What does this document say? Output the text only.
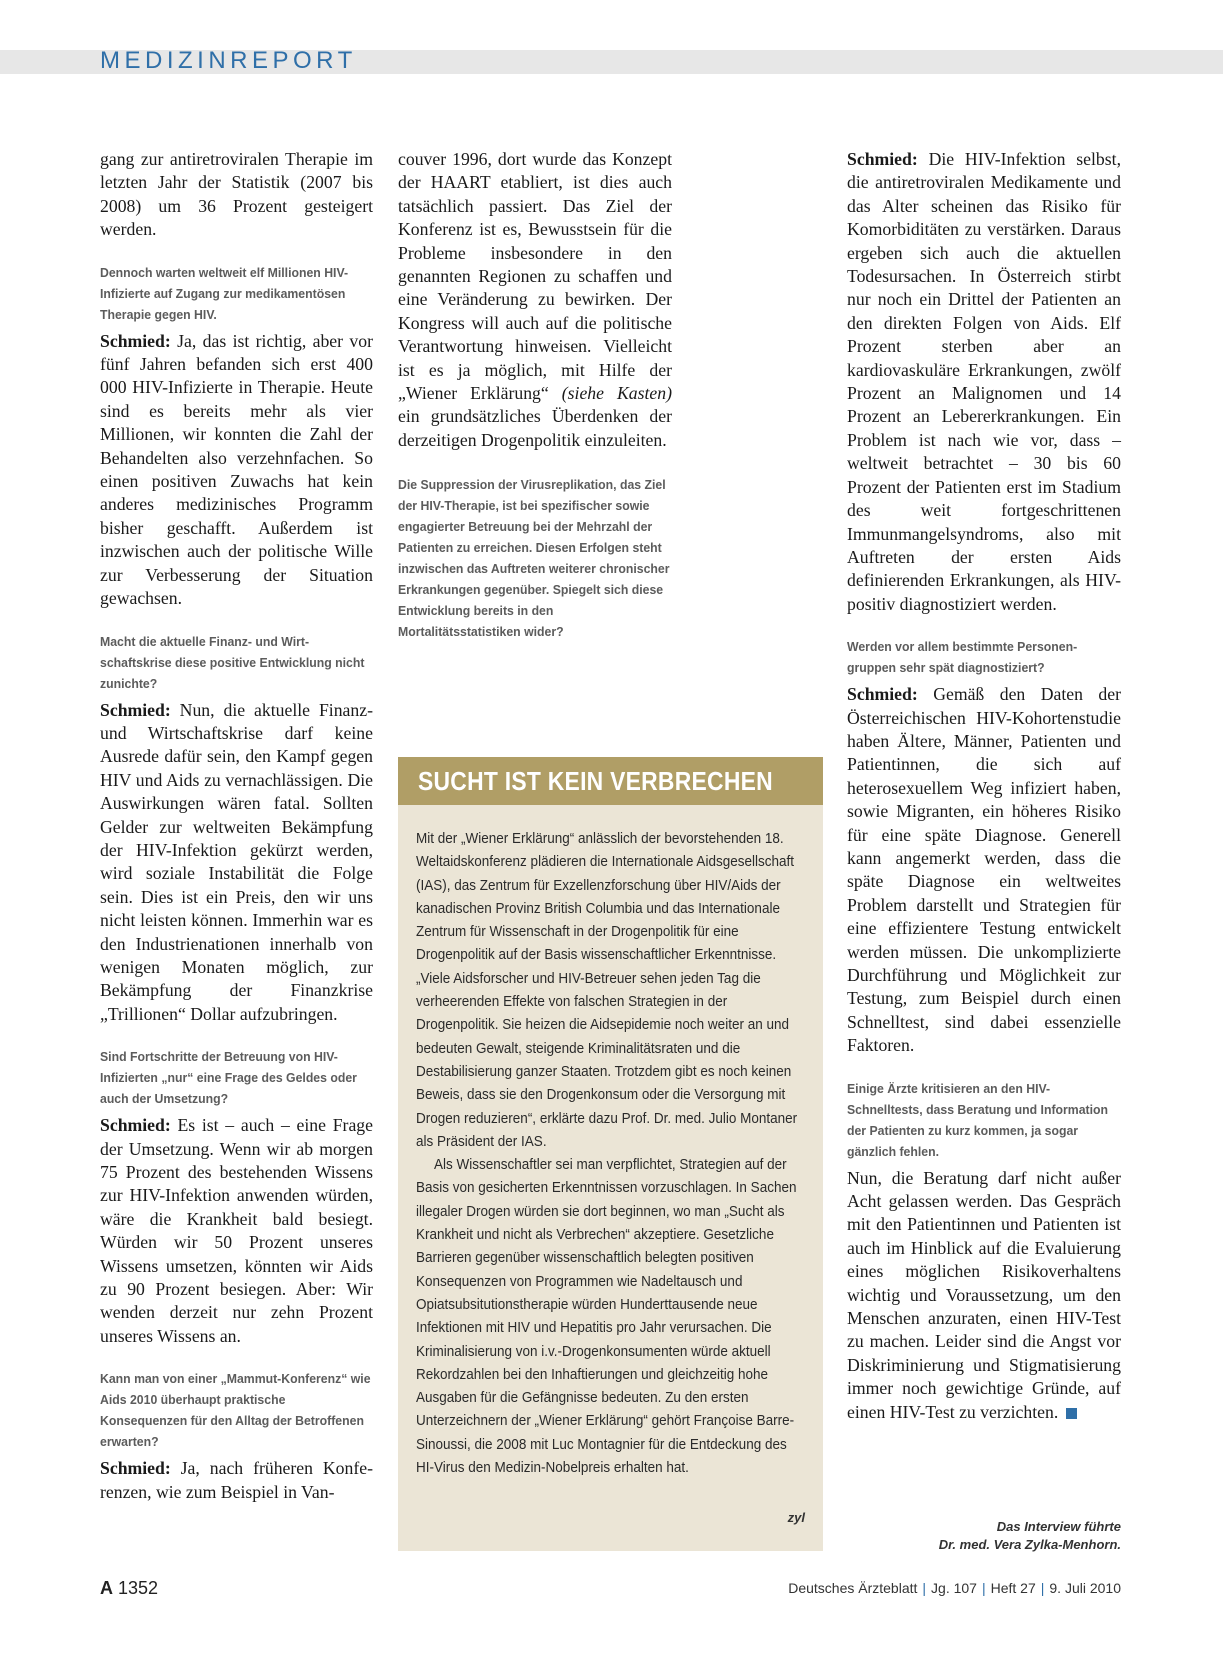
MEDIZINREPORT

gang zur antiretroviralen Therapie im letzten Jahr der Statistik (2007 bis 2008) um 36 Prozent gesteigert werden.

Dennoch warten weltweit elf Millionen HIV-Infizierte auf Zugang zur medikamentösen Therapie gegen HIV.

Schmied: Ja, das ist richtig, aber vor fünf Jahren befanden sich erst 400 000 HIV-Infizierte in Therapie. Heute sind es bereits mehr als vier Millionen, wir konnten die Zahl der Behandelten also verzehnfachen. So einen positiven Zuwachs hat kein anderes medizinisches Programm bisher geschafft. Außerdem ist inzwischen auch der politische Wille zur Verbesserung der Situation gewachsen.

Macht die aktuelle Finanz- und Wirtschaftskrise diese positive Entwicklung nicht zunichte?

Schmied: Nun, die aktuelle Finanz- und Wirtschaftskrise darf keine Ausrede dafür sein, den Kampf gegen HIV und Aids zu vernachlässigen. Die Auswirkungen wären fatal. Sollten Gelder zur weltweiten Bekämpfung der HIV-Infektion gekürzt werden, wird soziale Instabilität die Folge sein. Dies ist ein Preis, den wir uns nicht leisten können. Immerhin war es den Industrienationen innerhalb von wenigen Monaten möglich, zur Bekämpfung der Finanzkrise „Trillionen“ Dollar aufzubringen.

Sind Fortschritte der Betreuung von HIV-Infizierten „nur“ eine Frage des Geldes oder auch der Umsetzung?

Schmied: Es ist – auch – eine Frage der Umsetzung. Wenn wir ab morgen 75 Prozent des bestehenden Wissens zur HIV-Infektion anwenden würden, wäre die Krankheit bald besiegt. Würden wir 50 Prozent unseres Wissens umsetzen, könnten wir Aids zu 90 Prozent besiegen. Aber: Wir wenden derzeit nur zehn Prozent unseres Wissens an.

Kann man von einer „Mammut-Konferenz“ wie Aids 2010 überhaupt praktische Konsequenzen für den Alltag der Betroffenen erwarten?

Schmied: Ja, nach früheren Konferenzen, wie zum Beispiel in Van-

couver 1996, dort wurde das Konzept der HAART etabliert, ist dies auch tatsächlich passiert. Das Ziel der Konferenz ist es, Bewusstsein für die Probleme insbesondere in den genannten Regionen zu schaffen und eine Veränderung zu bewirken. Der Kongress will auch auf die politische Verantwortung hinweisen. Vielleicht ist es ja möglich, mit Hilfe der „Wiener Erklärung“ (siehe Kasten) ein grundsätzliches Überdenken der derzeitigen Drogenpolitik einzuleiten.

Die Suppression der Virusreplikation, das Ziel der HIV-Therapie, ist bei spezifischer sowie engagierter Betreuung bei der Mehrzahl der Patienten zu erreichen. Diesen Erfolgen steht inzwischen das Auftreten weiterer chronischer Erkrankungen gegenüber. Spiegelt sich diese Entwicklung bereits in den Mortalitätsstatistiken wider?

SUCHT IST KEIN VERBRECHEN

Mit der „Wiener Erklärung“ anlässlich der bevorstehenden 18. Weltaidskonferenz plädieren die Internationale Aidsgesellschaft (IAS), das Zentrum für Exzellenzforschung über HIV/Aids der kanadischen Provinz British Columbia und das Internationale Zentrum für Wissenschaft in der Drogenpolitik für eine Drogenpolitik auf der Basis wissenschaftlicher Erkenntnisse. „Viele Aidsforscher und HIV-Betreuer sehen jeden Tag die verheerenden Effekte von falschen Strategien in der Drogenpolitik. Sie heizen die Aidsepidemie noch weiter an und bedeuten Gewalt, steigende Kriminalitätsraten und die Destabilisierung ganzer Staaten. Trotzdem gibt es noch keinen Beweis, dass sie den Drogenkonsum oder die Versorgung mit Drogen reduzieren“, erklärte dazu Prof. Dr. med. Julio Montaner als Präsident der IAS.

Als Wissenschaftler sei man verpflichtet, Strategien auf der Basis von gesicherten Erkenntnissen vorzuschlagen. In Sachen illegaler Drogen würden sie dort beginnen, wo man „Sucht als Krankheit und nicht als Verbrechen“ akzeptiere. Gesetzliche Barrieren gegenüber wissenschaftlich belegten positiven Konsequenzen von Programmen wie Nadeltausch und Opiatsubsitutionstherapie würden Hunderttausende neue Infektionen mit HIV und Hepatitis pro Jahr verursachen. Die Kriminalisierung von i.v.-Drogenkonsumenten würde aktuell Rekordzahlen bei den Inhaftierungen und gleichzeitig hohe Ausgaben für die Gefängnisse bedeuten. Zu den ersten Unterzeichnern der „Wiener Erklärung“ gehört Françoise Barre-Sinoussi, die 2008 mit Luc Montagnier für die Entdeckung des HI-Virus den Medizin-Nobelpreis erhalten hat.

zyl

Schmied: Die HIV-Infektion selbst, die antiretroviralen Medikamente und das Alter scheinen das Risiko für Komorbiditäten zu verstärken. Daraus ergeben sich auch die aktuellen Todesursachen. In Österreich stirbt nur noch ein Drittel der Patienten an den direkten Folgen von Aids. Elf Prozent sterben aber an kardiovaskuläre Erkrankungen, zwölf Prozent an Malignomen und 14 Prozent an Lebererkrankungen. Ein Problem ist nach wie vor, dass – weltweit betrachtet – 30 bis 60 Prozent der Patienten erst im Stadium des weit fortgeschrittenen Immunmangelsyndroms, also mit Auftreten der ersten Aids definierenden Erkrankungen, als HIV-positiv diagnostiziert werden.

Werden vor allem bestimmte Personengruppen sehr spät diagnostiziert?

Schmied: Gemäß den Daten der Österreichischen HIV-Kohortenstudie haben Ältere, Männer, Patienten und Patientinnen, die sich auf heterosexuellem Weg infiziert haben, sowie Migranten, ein höheres Risiko für eine späte Diagnose. Generell kann angemerkt werden, dass die späte Diagnose ein weltweites Problem darstellt und Strategien für eine effizientere Testung entwickelt werden müssen. Die unkomplizierte Durchführung und Möglichkeit zur Testung, zum Beispiel durch einen Schnelltest, sind dabei essenzielle Faktoren.

Einige Ärzte kritisieren an den HIV-Schnelltests, dass Beratung und Information der Patienten zu kurz kommen, ja sogar gänzlich fehlen.

Nun, die Beratung darf nicht außer Acht gelassen werden. Das Gespräch mit den Patientinnen und Patienten ist auch im Hinblick auf die Evaluierung eines möglichen Risikoverhaltens wichtig und Voraussetzung, um den Menschen anzuraten, einen HIV-Test zu machen. Leider sind die Angst vor Diskriminierung und Stigmatisierung immer noch gewichtige Gründe, auf einen HIV-Test zu verzichten.

Das Interview führte
Dr. med. Vera Zylka-Menhorn.
A 1352	Deutsches Ärzteblatt | Jg. 107 | Heft 27 | 9. Juli 2010
